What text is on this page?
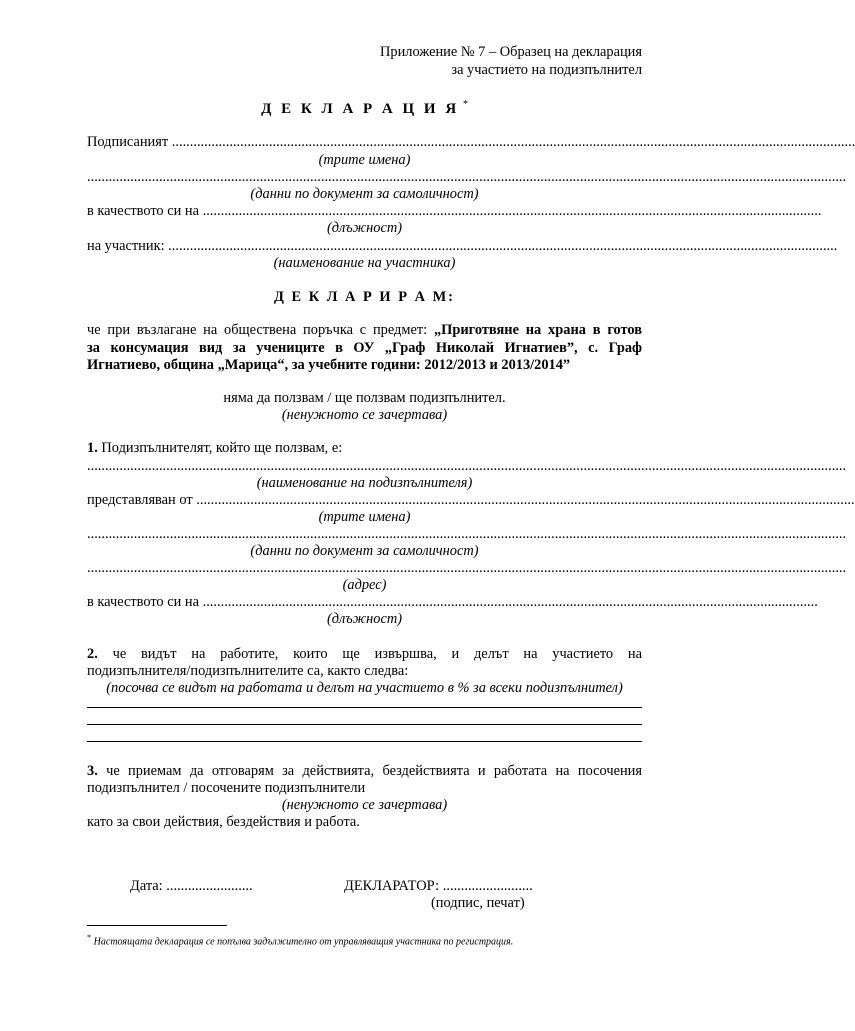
Приложение № 7 – Образец на декларация
за участието на подизпълнител
Д Е К Л А Р А Ц И Я *
Подписаният ..............................................................................................................................................................................................
(трите имена)
...................................................................................................................................................................................................................
(данни по документ за самоличност)
в качеството си на ............................................................................................................................................................................
(длъжност)
на участник: ..........................................................................................................................................................................................
(наименование на участника)
Д Е К Л А Р И Р А М:
че при възлагане на обществена поръчка с предмет: „Приготвяне на храна в готов
за консумация вид за учениците в ОУ „Граф Николай Игнатиев”, с. Граф
Игнатиево, община „Марица“, за учебните години: 2012/2013 и 2013/2014”
няма да ползвам / ще ползвам подизпълнител.
(ненужното се зачертава)
1. Подизпълнителят, който ще ползвам, е:
...................................................................................................................................................................................................................
(наименование на подизпълнителя)
представляван от .......................................................................................................................................................................................
(трите имена)
...................................................................................................................................................................................................................
(данни по документ за самоличност)
...................................................................................................................................................................................................................
(адрес)
в качеството си на ...........................................................................................................................................................................
(длъжност)
2. че видът на работите, които ще извършва, и делът на участието на
подизпълнителя/подизпълнителите са, както следва:
(посочва се видът на работата и делът на участието в % за всеки подизпълнител)
3. че приемам да отговарям за действията, бездействията и работата на посочения
подизпълнител / посочените подизпълнители
(ненужното се зачертава)
като за свои действия, бездействия и работа.
Дата: ........................	ДЕКЛАРАТОР: .........................
(подпис, печат)
* Настоящата декларация се попълва задължително от управляващия участника по регистрация.
